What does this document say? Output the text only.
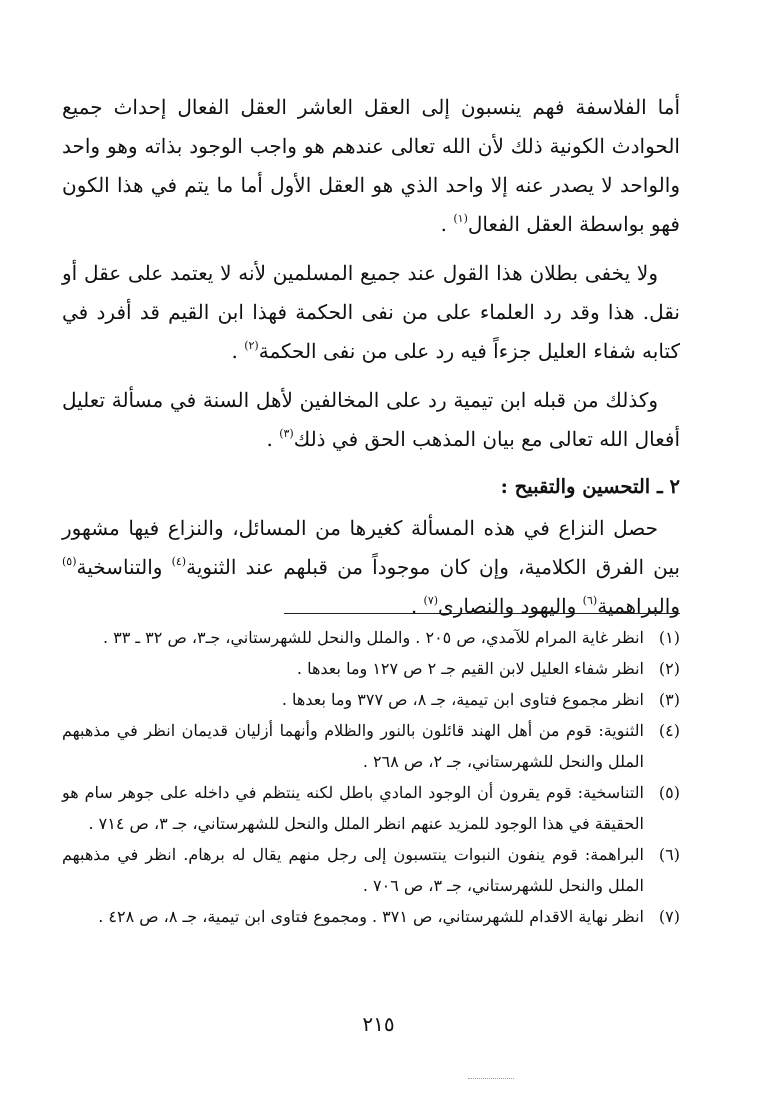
أما الفلاسفة فهم ينسبون إلى العقل العاشر العقل الفعال إحداث جميع الحوادث الكونية ذلك لأن الله تعالى عندهم هو واجب الوجود بذاته وهو واحد والواحد لا يصدر عنه إلا واحد الذي هو العقل الأول أما ما يتم في هذا الكون فهو بواسطة العقل الفعال$^{(١)}$ .

ولا يخفى بطلان هذا القول عند جميع المسلمين لأنه لا يعتمد على عقل أو نقل. هذا وقد رد العلماء على من نفى الحكمة فهذا ابن القيم قد أفرد في كتابه شفاء العليل جزءاً فيه رد على من نفى الحكمة$^{(٢)}$ .

وكذلك من قبله ابن تيمية رد على المخالفين لأهل السنة في مسألة تعليل أفعال الله تعالى مع بيان المذهب الحق في ذلك$^{(٣)}$ .

٢ ـ التحسين والتقبيح :

حصل النزاع في هذه المسألة كغيرها من المسائل، والنزاع فيها مشهور بين الفرق الكلامية، وإن كان موجوداً من قبلهم عند الثنوية$^{(٤)}$ والتناسخية$^{(٥)}$ والبراهمية$^{(٦)}$ واليهود والنصارى$^{(٧)}$ .

(١)
انظر غاية المرام للآمدي، ص ٢٠٥ . والملل والنحل للشهرستاني، جـ٣، ص ٣٢ ـ ٣٣ .

(٢)
انظر شفاء العليل لابن القيم جـ ٢ ص ١٢٧ وما بعدها .

(٣)
انظر مجموع فتاوى ابن تيمية، جـ ٨، ص ٣٧٧ وما بعدها .

(٤)
الثنوية: قوم من أهل الهند قائلون بالنور والظلام وأنهما أزليان قديمان انظر في مذهبهم الملل والنحل للشهرستاني، جـ ٢، ص ٢٦٨ .

(٥)
التناسخية: قوم يقرون أن الوجود المادي باطل لكنه ينتظم في داخله على جوهر سام هو الحقيقة في هذا الوجود للمزيد عنهم انظر الملل والنحل للشهرستاني، جـ ٣، ص ٧١٤ .

(٦)
البراهمة: قوم ينفون النبوات ينتسبون إلى رجل منهم يقال له برهام. انظر في مذهبهم الملل والنحل للشهرستاني، جـ ٣، ص ٧٠٦ .

(٧)
انظر نهاية الاقدام للشهرستاني، ص ٣٧١ . ومجموع فتاوى ابن تيمية، جـ ٨، ص ٤٢٨ .

٢١٥
